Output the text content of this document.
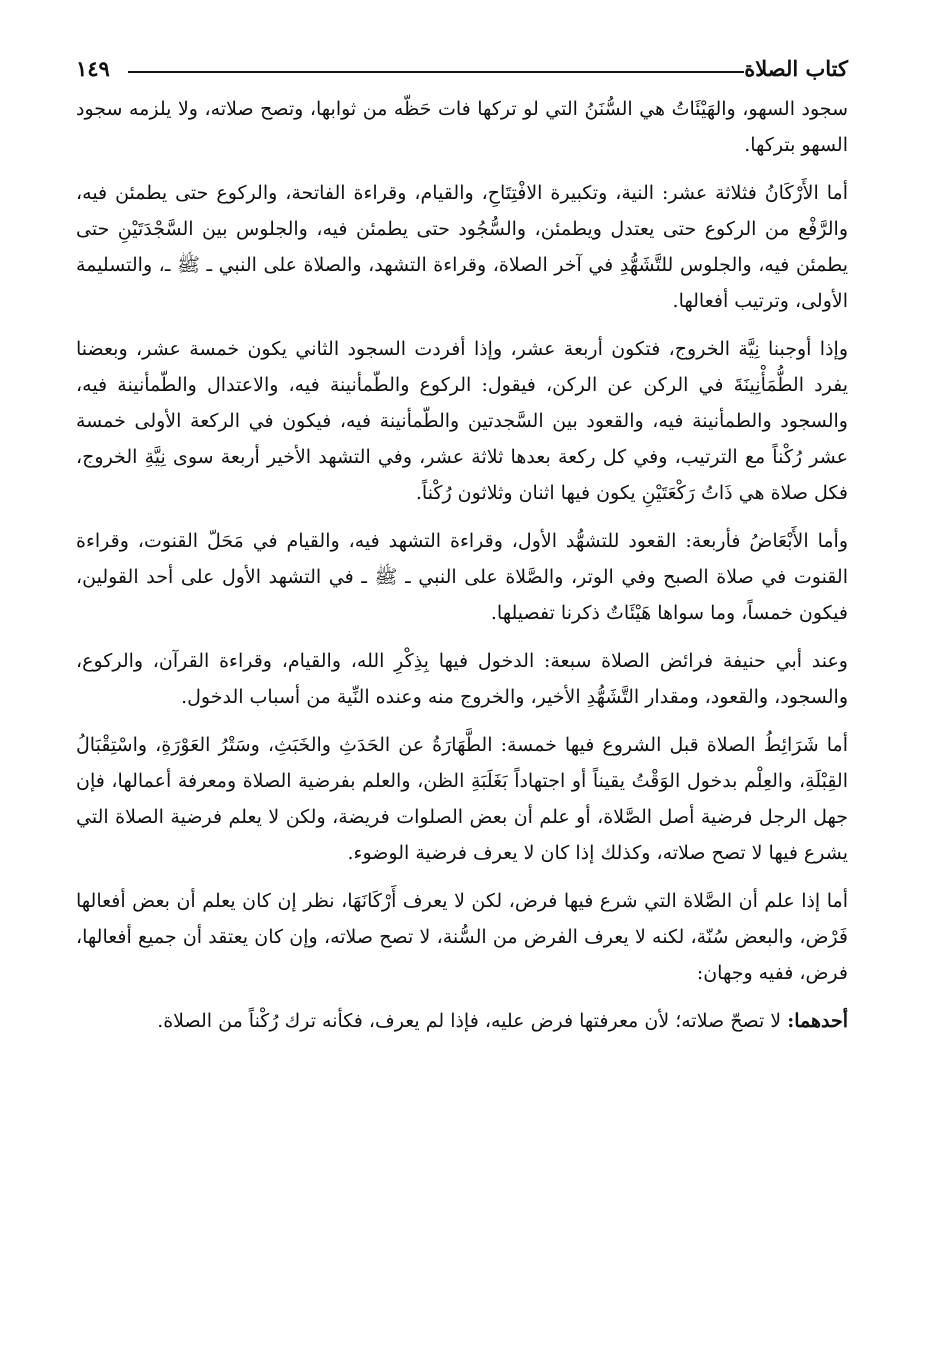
كتاب الصلاة
١٤٩

سجود السهو، والهَيْئَاتُ هي السُّنَنُ التي لو تركها فات حَظّه من ثوابها، وتصح صلاته، ولا يلزمه سجود السهو بتركها.

أما الأَرْكَانُ فثلاثة عشر: النية، وتكبيرة الافْتِتَاحِ، والقيام، وقراءة الفاتحة، والركوع حتى يطمئن فيه، والرَّفْع من الركوع حتى يعتدل ويطمئن، والسُّجُود حتى يطمئن فيه، والجلوس بين السَّجْدَتَيْنِ حتى يطمئن فيه، والجلوس للتَّشَهُّدِ في آخر الصلاة، وقراءة التشهد، والصلاة على النبي ـ ﷺ ـ، والتسليمة الأولى، وترتيب أفعالها.

وإذا أوجبنا نِيَّة الخروج، فتكون أربعة عشر، وإذا أفردت السجود الثاني يكون خمسة عشر، وبعضنا يفرد الطُّمَأْنِينَةَ في الركن عن الركن، فيقول: الركوع والطّمأنينة فيه، والاعتدال والطّمأنينة فيه، والسجود والطمأنينة فيه، والقعود بين السَّجدتين والطّمأنينة فيه، فيكون في الركعة الأولى خمسة عشر رُكْناً مع الترتيب، وفي كل ركعة بعدها ثلاثة عشر، وفي التشهد الأخير أربعة سوى نِيَّةِ الخروج، فكل صلاة هي ذَاتُ رَكْعَتَيْنِ يكون فيها اثنان وثلاثون رُكْناً.

وأما الأَبْعَاضُ فأربعة: القعود للتشهُّد الأول، وقراءة التشهد فيه، والقيام في مَحَلّ القنوت، وقراءة القنوت في صلاة الصبح وفي الوتر، والصَّلاة على النبي ـ ﷺ ـ في التشهد الأول على أحد القولين، فيكون خمساً، وما سواها هَيْئَاتٌ ذكرنا تفصيلها.

وعند أبي حنيفة فرائض الصلاة سبعة: الدخول فيها بِذِكْرِ الله، والقيام، وقراءة القرآن، والركوع، والسجود، والقعود، ومقدار التَّشَهُّدِ الأخير، والخروج منه وعنده النِّية من أسباب الدخول.

أما شَرَائِطُ الصلاة قبل الشروع فيها خمسة: الطَّهَارَةُ عن الحَدَثِ والخَبَثِ، وسَتْرُ العَوْرَةِ، واسْتِقْبَالُ القِبْلَةِ، والعِلْم بدخول الوَقْتُ يقيناً أو اجتهاداً بَغَلَبَةِ الظن، والعلم بفرضية الصلاة ومعرفة أعمالها، فإن جهل الرجل فرضية أصل الصَّلاة، أو علم أن بعض الصلوات فريضة، ولكن لا يعلم فرضية الصلاة التي يشرع فيها لا تصح صلاته، وكذلك إذا كان لا يعرف فرضية الوضوء.

أما إذا علم أن الصَّلاة التي شرع فيها فرض، لكن لا يعرف أَرْكَانَهَا، نظر إن كان يعلم أن بعض أفعالها فَرْض، والبعض سُنّة، لكنه لا يعرف الفرض من السُّنة، لا تصح صلاته، وإن كان يعتقد أن جميع أفعالها، فرض، ففيه وجهان:

أحدهما:لا تصحّ صلاته؛ لأن معرفتها فرض عليه، فإذا لم يعرف، فكأنه ترك رُكْناً من الصلاة.
